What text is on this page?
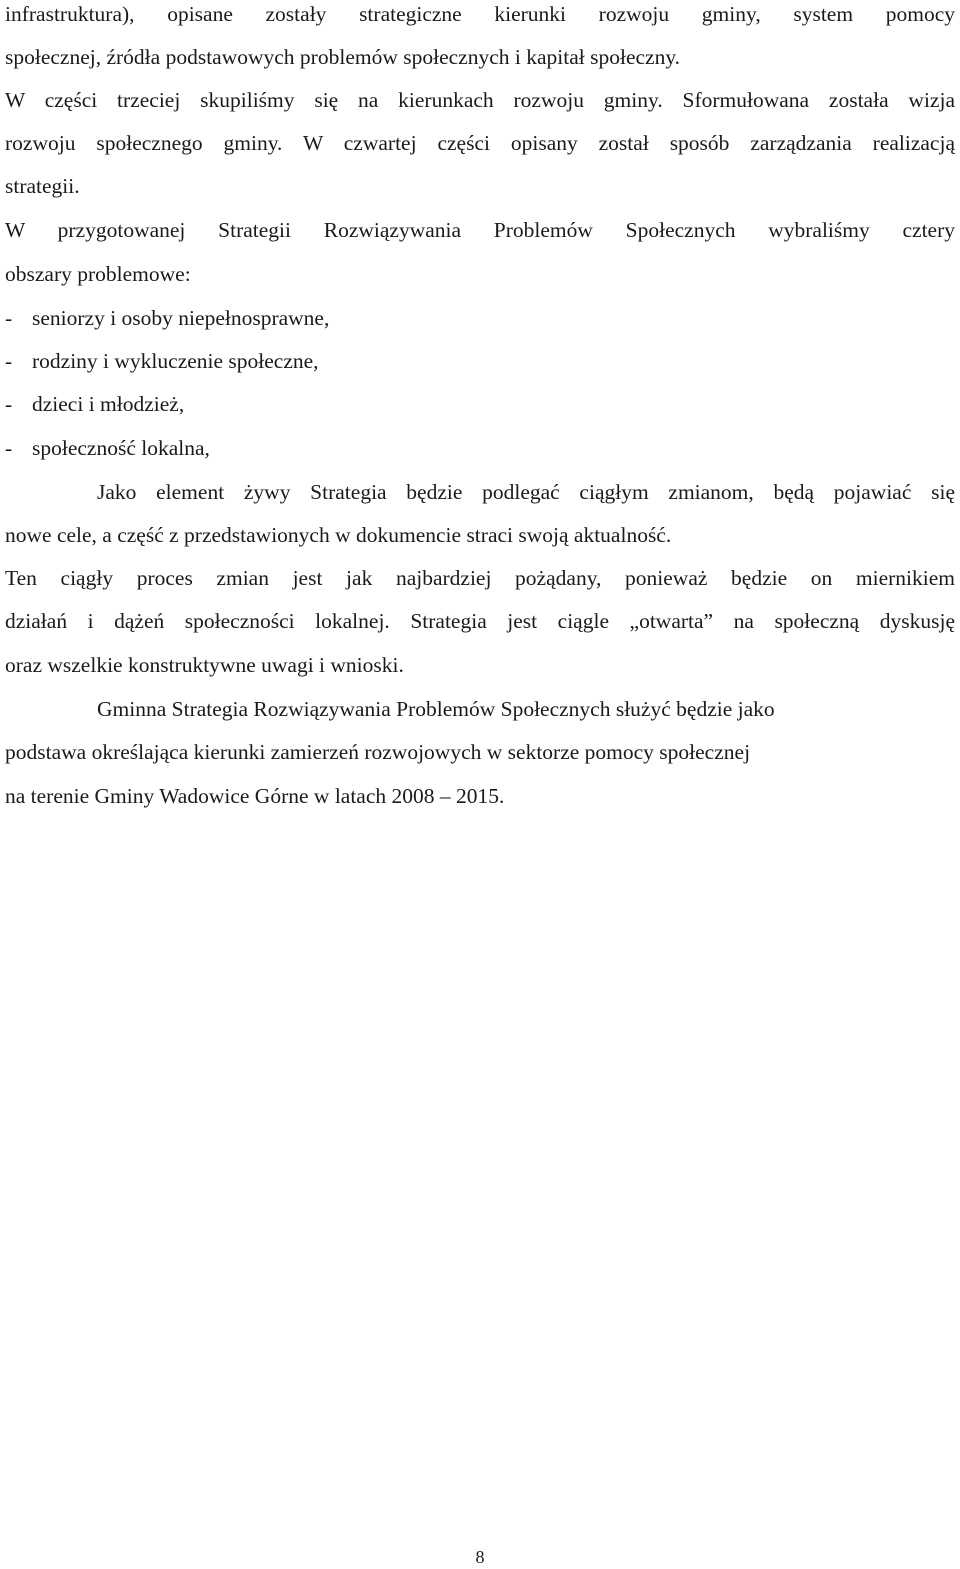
infrastruktura), opisane zostały strategiczne kierunki rozwoju gminy, system pomocy
społecznej, źródła podstawowych problemów społecznych i kapitał społeczny.
W części trzeciej skupiliśmy się na kierunkach rozwoju gminy. Sformułowana została wizja
rozwoju społecznego gminy. W czwartej części opisany został sposób zarządzania realizacją
strategii.
W przygotowanej Strategii Rozwiązywania Problemów Społecznych wybraliśmy cztery
obszary problemowe:
- seniorzy i osoby niepełnosprawne,
- rodziny i wykluczenie społeczne,
- dzieci i młodzież,
- społeczność lokalna,
Jako element żywy Strategia będzie podlegać ciągłym zmianom, będą pojawiać się
nowe cele, a część z przedstawionych w dokumencie straci swoją aktualność.
Ten ciągły proces zmian jest jak najbardziej pożądany, ponieważ będzie on miernikiem
działań i dążeń społeczności lokalnej. Strategia jest ciągle „otwarta” na społeczną dyskusję
oraz wszelkie konstruktywne uwagi i wnioski.
Gminna Strategia Rozwiązywania Problemów Społecznych służyć będzie jako
podstawa określająca kierunki zamierzeń rozwojowych w sektorze pomocy społecznej
na terenie Gminy Wadowice Górne w latach 2008 – 2015.
8
